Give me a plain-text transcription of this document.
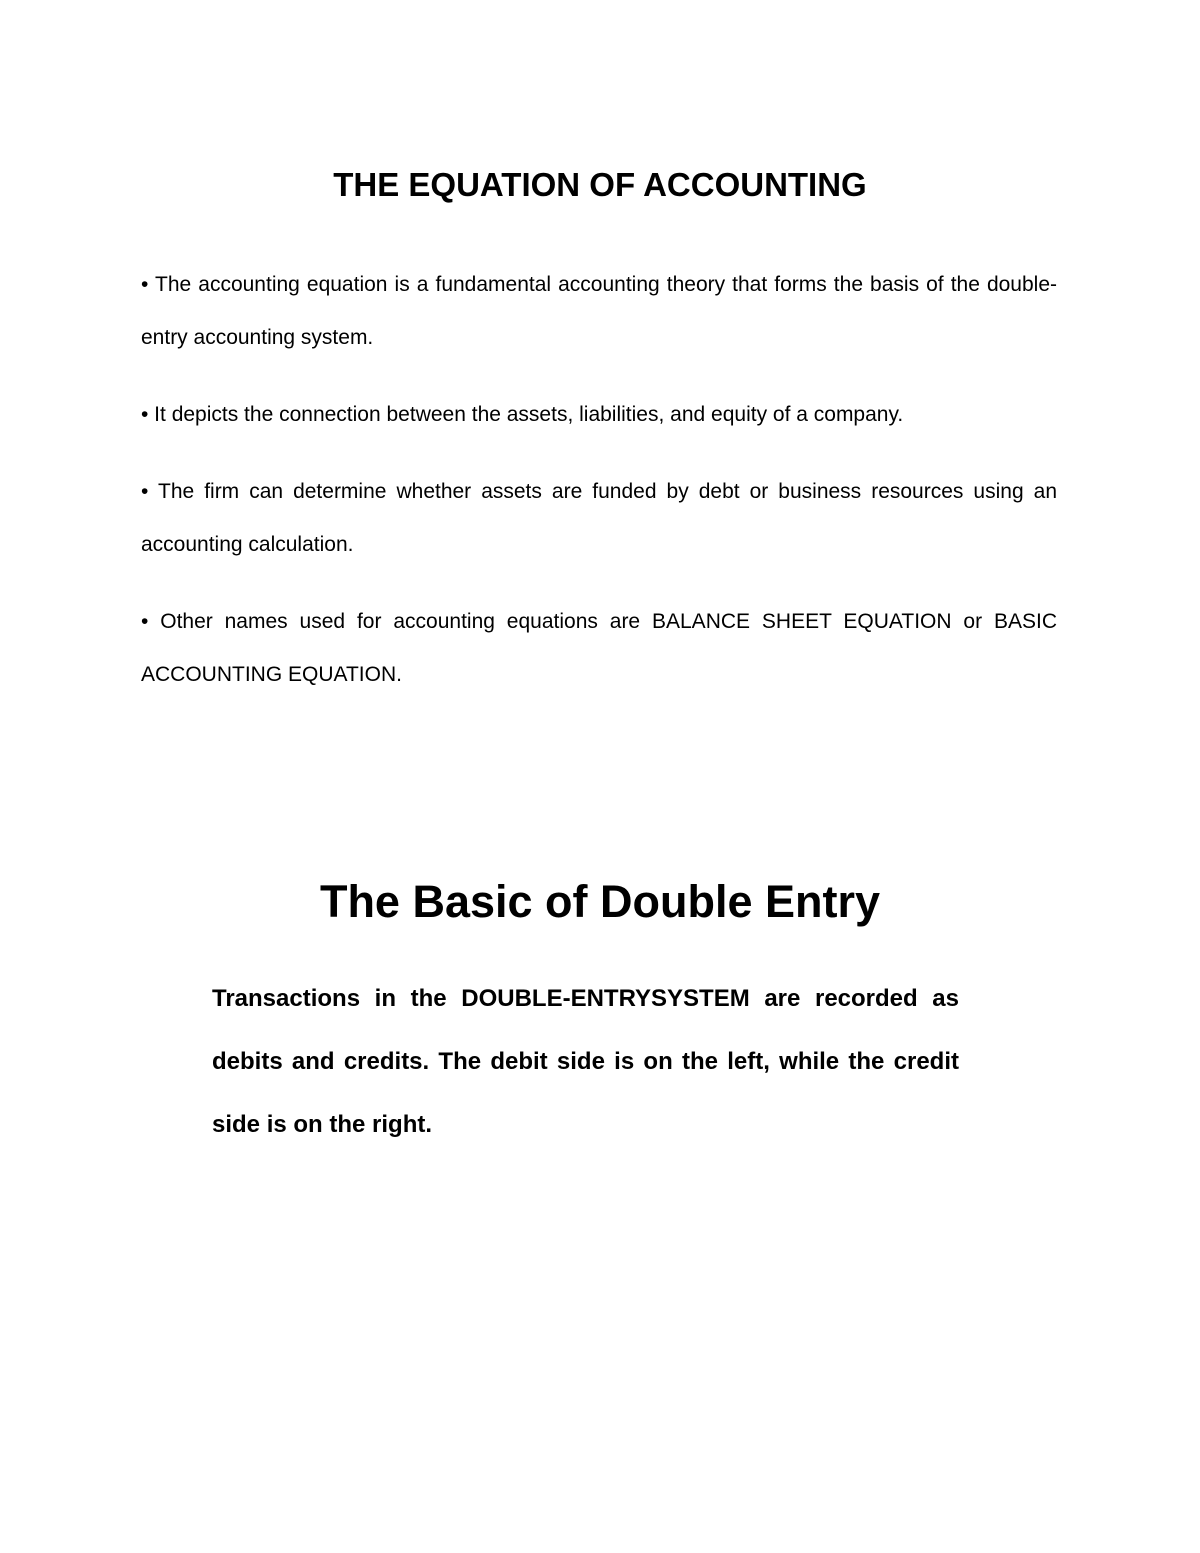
THE EQUATION OF ACCOUNTING
• The accounting equation is a fundamental accounting theory that forms the basis of the double-entry accounting system.
• It depicts the connection between the assets, liabilities, and equity of a company.
• The firm can determine whether assets are funded by debt or business resources using an accounting calculation.
• Other names used for accounting equations are BALANCE SHEET EQUATION or BASIC ACCOUNTING EQUATION.
The Basic of Double Entry

Transactions in the DOUBLE-ENTRYSYSTEM are recorded as debits and credits. The debit side is on the left, while the credit side is on the right.
